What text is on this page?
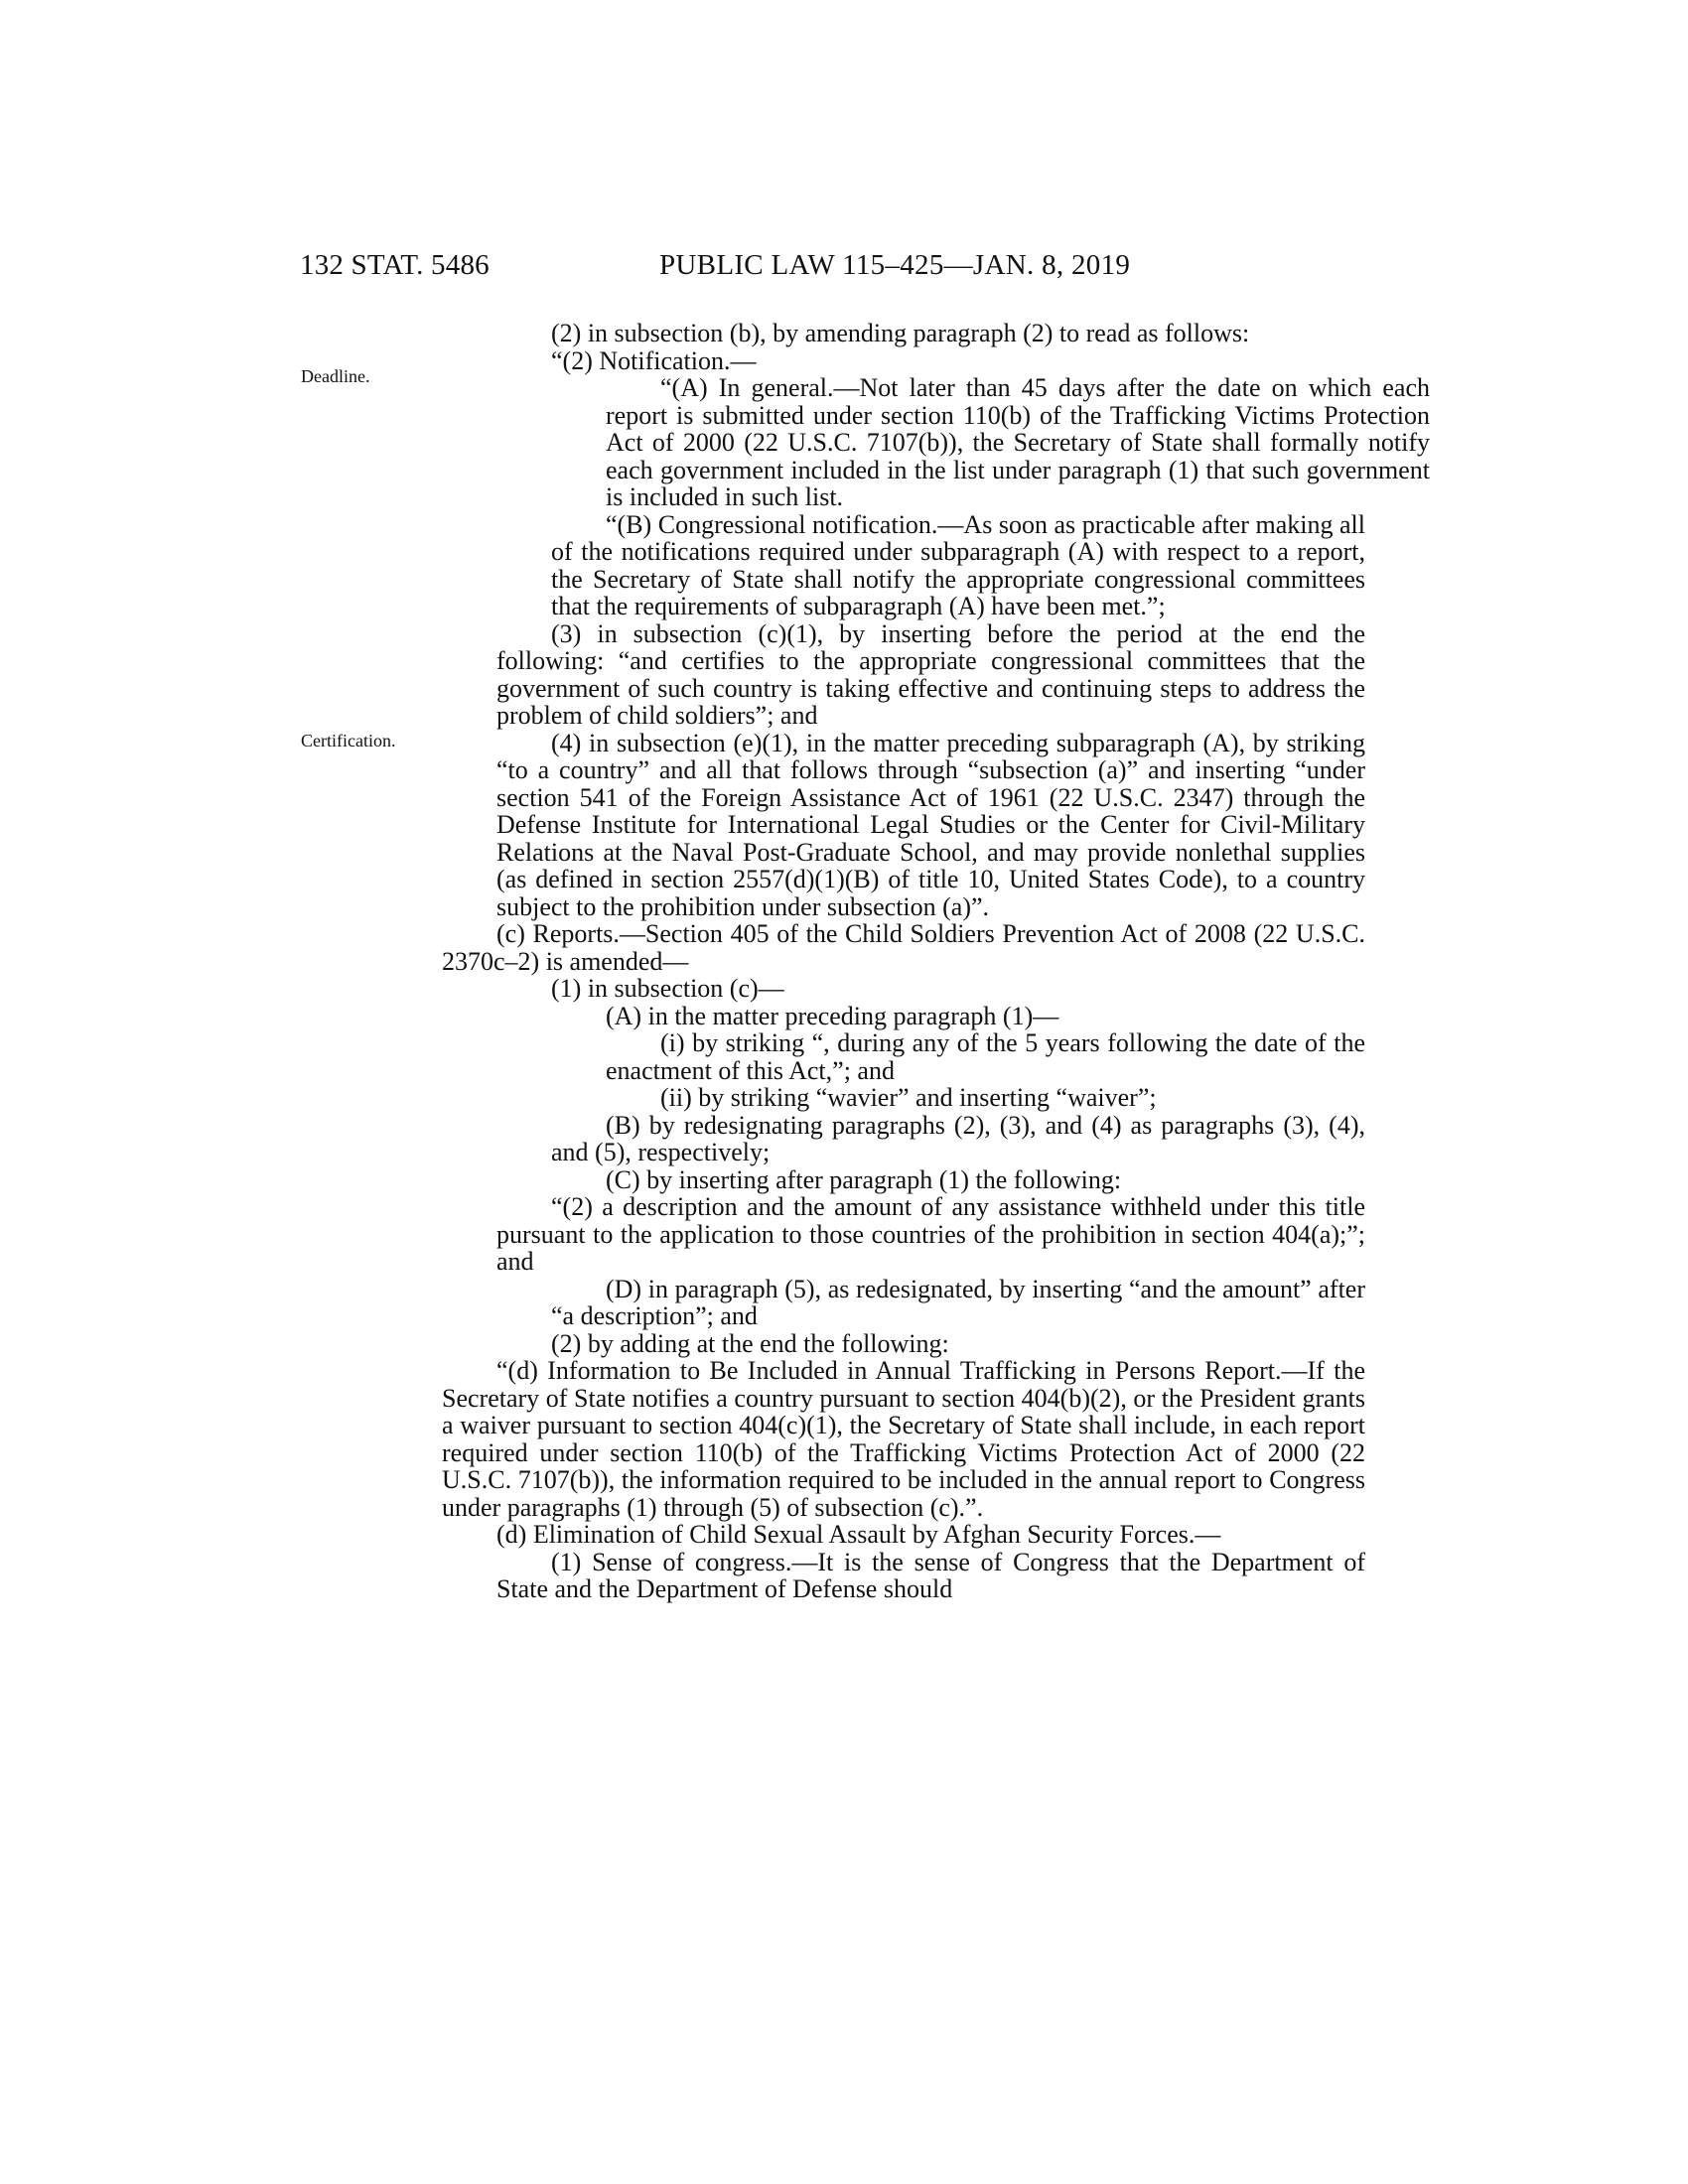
132 STAT. 5486	PUBLIC LAW 115–425—JAN. 8, 2019
Deadline.
Certification.

(2) in subsection (b), by amending paragraph (2) to read as follows:

“(2) Notification.—

“(A) In general.—Not later than 45 days after the date on which each report is submitted under section 110(b) of the Trafficking Victims Protection Act of 2000 (22 U.S.C. 7107(b)), the Secretary of State shall formally notify each government included in the list under paragraph (1) that such government is included in such list.

“(B) Congressional notification.—As soon as practicable after making all of the notifications required under subparagraph (A) with respect to a report, the Secretary of State shall notify the appropriate congressional committees that the requirements of subparagraph (A) have been met.”;

(3) in subsection (c)(1), by inserting before the period at the end the following: “and certifies to the appropriate congressional committees that the government of such country is taking effective and continuing steps to address the problem of child soldiers”; and

(4) in subsection (e)(1), in the matter preceding subparagraph (A), by striking “to a country” and all that follows through “subsection (a)” and inserting “under section 541 of the Foreign Assistance Act of 1961 (22 U.S.C. 2347) through the Defense Institute for International Legal Studies or the Center for Civil-Military Relations at the Naval Post-Graduate School, and may provide nonlethal supplies (as defined in section 2557(d)(1)(B) of title 10, United States Code), to a country subject to the prohibition under subsection (a)”.

(c) Reports.—Section 405 of the Child Soldiers Prevention Act of 2008 (22 U.S.C. 2370c–2) is amended—

(1) in subsection (c)—

(A) in the matter preceding paragraph (1)—

(i) by striking “, during any of the 5 years following the date of the enactment of this Act,”; and

(ii) by striking “wavier” and inserting “waiver”;

(B) by redesignating paragraphs (2), (3), and (4) as paragraphs (3), (4), and (5), respectively;

(C) by inserting after paragraph (1) the following:

“(2) a description and the amount of any assistance withheld under this title pursuant to the application to those countries of the prohibition in section 404(a);”; and

(D) in paragraph (5), as redesignated, by inserting “and the amount” after “a description”; and

(2) by adding at the end the following:

“(d) Information to Be Included in Annual Trafficking in Persons Report.—If the Secretary of State notifies a country pursuant to section 404(b)(2), or the President grants a waiver pursuant to section 404(c)(1), the Secretary of State shall include, in each report required under section 110(b) of the Trafficking Victims Protection Act of 2000 (22 U.S.C. 7107(b)), the information required to be included in the annual report to Congress under paragraphs (1) through (5) of subsection (c).”.

(d) Elimination of Child Sexual Assault by Afghan Security Forces.—

(1) Sense of congress.—It is the sense of Congress that the Department of State and the Department of Defense should
